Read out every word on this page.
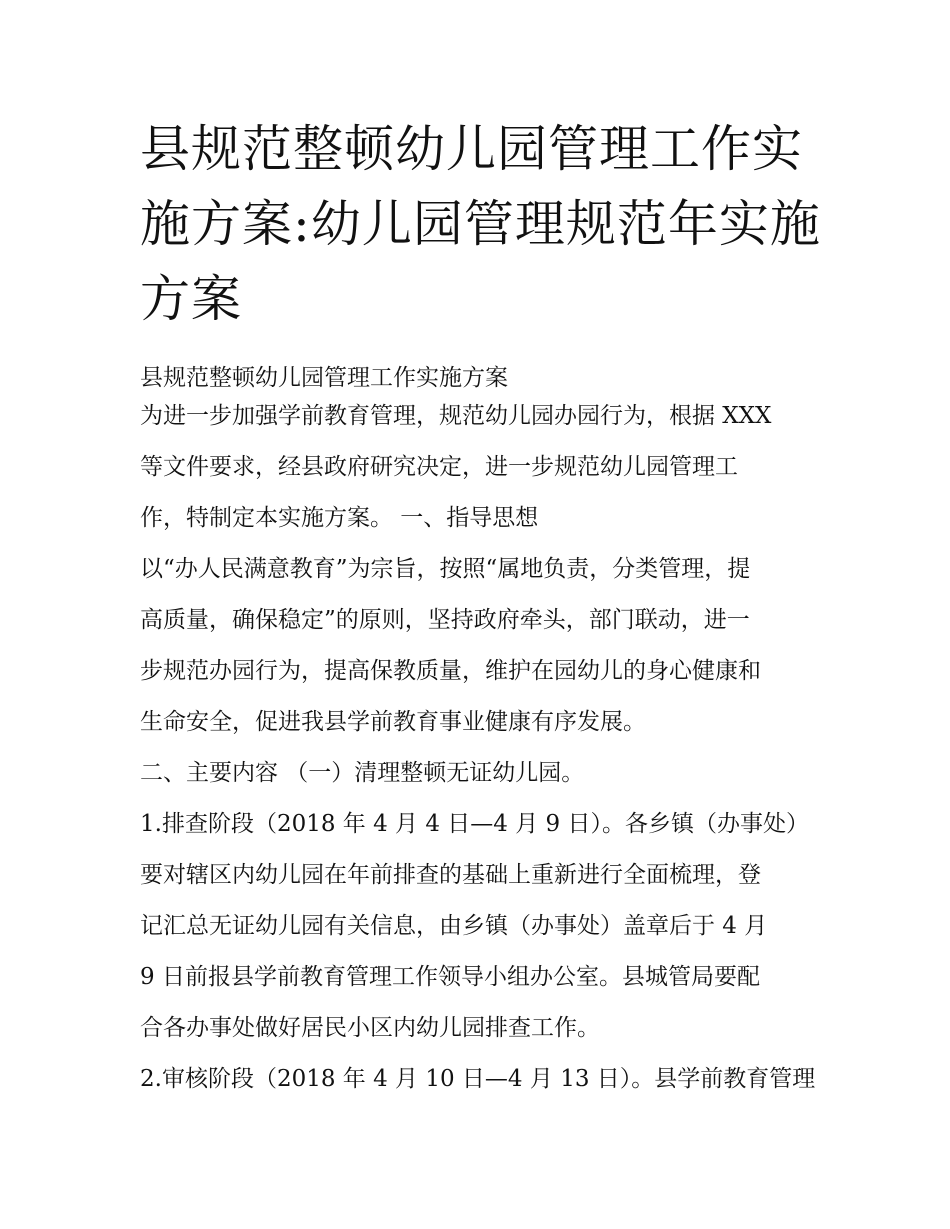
县规范整顿幼儿园管理工作实
施方案:幼儿园管理规范年实施
方案
县规范整顿幼儿园管理工作实施方案
为进一步加强学前教育管理，规范幼儿园办园行为，根据 XXX
等文件要求，经县政府研究决定，进一步规范幼儿园管理工
作，特制定本实施方案。 一、指导思想
以“办人民满意教育”为宗旨，按照“属地负责，分类管理，提
高质量，确保稳定”的原则，坚持政府牵头，部门联动，进一
步规范办园行为，提高保教质量，维护在园幼儿的身心健康和
生命安全，促进我县学前教育事业健康有序发展。
二、主要内容 （一）清理整顿无证幼儿园。
1.排查阶段（2018 年 4 月 4 日—4 月 9 日）。各乡镇（办事处）
要对辖区内幼儿园在年前排查的基础上重新进行全面梳理，登
记汇总无证幼儿园有关信息，由乡镇（办事处）盖章后于 4 月
9 日前报县学前教育管理工作领导小组办公室。县城管局要配
合各办事处做好居民小区内幼儿园排查工作。
2.审核阶段（2018 年 4 月 10 日—4 月 13 日）。县学前教育管理
